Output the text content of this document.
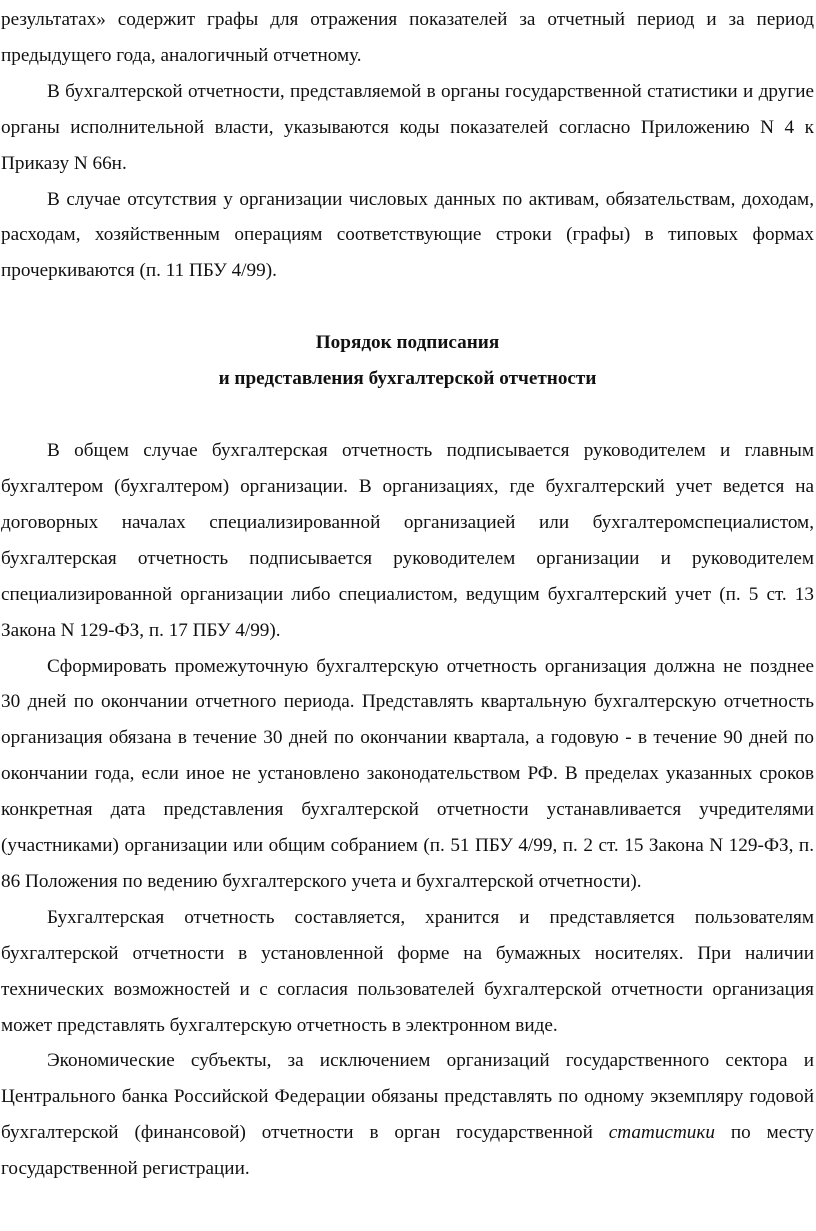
результатах» содержит графы для отражения показателей за отчетный период и за период предыдущего года, аналогичный отчетному.

В бухгалтерской отчетности, представляемой в органы государственной статистики и другие органы исполнительной власти, указываются коды показателей согласно Приложению N 4 к Приказу N 66н.

В случае отсутствия у организации числовых данных по активам, обязательствам, доходам, расходам, хозяйственным операциям соответствующие строки (графы) в типовых формах прочеркиваются (п. 11 ПБУ 4/99).

Порядок подписания
и представления бухгалтерской отчетности

В общем случае бухгалтерская отчетность подписывается руководителем и главным бухгалтером (бухгалтером) организации. В организациях, где бухгалтерский учет ведется на договорных началах специализированной организацией или бухгалтеромспециалистом, бухгалтерская отчетность подписывается руководителем организации и руководителем специализированной организации либо специалистом, ведущим бухгалтерский учет (п. 5 ст. 13 Закона N 129-ФЗ, п. 17 ПБУ 4/99).

Сформировать промежуточную бухгалтерскую отчетность организация должна не позднее 30 дней по окончании отчетного периода. Представлять квартальную бухгалтерскую отчетность организация обязана в течение 30 дней по окончании квартала, а годовую - в течение 90 дней по окончании года, если иное не установлено законодательством РФ. В пределах указанных сроков конкретная дата представления бухгалтерской отчетности устанавливается учредителями (участниками) организации или общим собранием (п. 51 ПБУ 4/99, п. 2 ст. 15 Закона N 129-ФЗ, п. 86 Положения по ведению бухгалтерского учета и бухгалтерской отчетности).

Бухгалтерская отчетность составляется, хранится и представляется пользователям бухгалтерской отчетности в установленной форме на бумажных носителях. При наличии технических возможностей и с согласия пользователей бухгалтерской отчетности организация может представлять бухгалтерскую отчетность в электронном виде.

Экономические субъекты, за исключением организаций государственного сектора и Центрального банка Российской Федерации обязаны представлять по одному экземпляру годовой бухгалтерской (финансовой) отчетности в орган государственной статистики по месту государственной регистрации.
